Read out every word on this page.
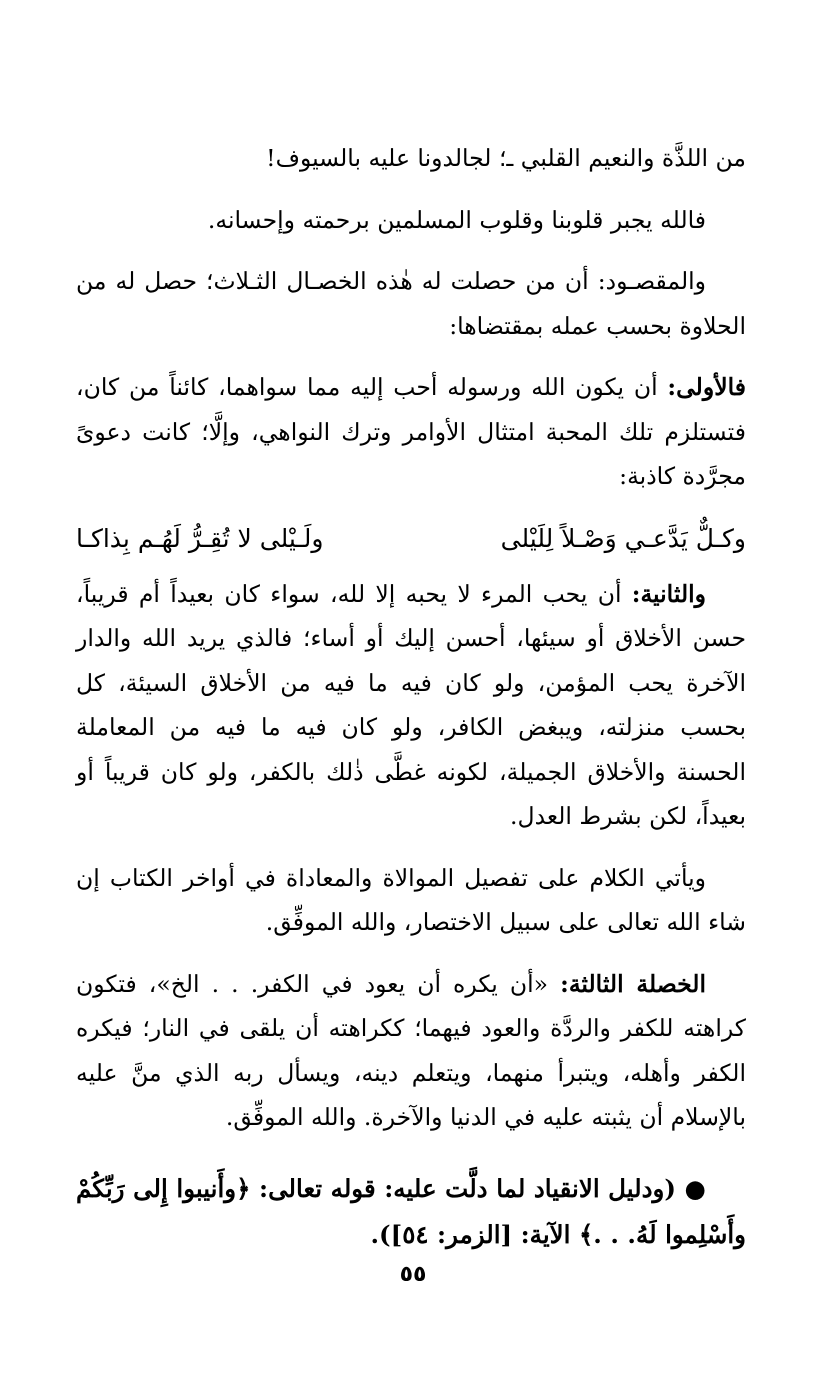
من اللذَّة والنعيم القلبي ـ؛ لجالدونا عليه بالسيوف!

فالله يجبر قلوبنا وقلوب المسلمين برحمته وإحسانه.

والمقصـود: أن من حصلت له هٰذه الخصـال الثـلاث؛ حصل له من الحلاوة بحسب عمله بمقتضاها:

فالأولى: أن يكون الله ورسوله أحب إليه مما سواهما، كائناً من كان، فتستلزم تلك المحبة امتثال الأوامر وترك النواهي، وإلَّا؛ كانت دعوىً مجرَّدة كاذبة:

وكـلٌّ يَدَّعـي وَصْـلاً لِلَيْلى
ولَـيْلى لا تُقِـرُّ لَهُـم بِذاكـا

والثانية: أن يحب المرء لا يحبه إلا لله، سواء كان بعيداً أم قريباً، حسن الأخلاق أو سيئها، أحسن إليك أو أساء؛ فالذي يريد الله والدار الآخرة يحب المؤمن، ولو كان فيه ما فيه من الأخلاق السيئة، كل بحسب منزلته، ويبغض الكافر، ولو كان فيه ما فيه من المعاملة الحسنة والأخلاق الجميلة، لكونه غطَّى ذٰلك بالكفر، ولو كان قريباً أو بعيداً، لكن بشرط العدل.

ويأتي الكلام على تفصيل الموالاة والمعاداة في أواخر الكتاب إن شاء الله تعالى على سبيل الاختصار، والله الموفِّق.

الخصلة الثالثة: «أن يكره أن يعود في الكفر. . . الخ»، فتكون كراهته للكفر والردَّة والعود فيهما؛ ككراهته أن يلقى في النار؛ فيكره الكفر وأهله، ويتبرأ منهما، ويتعلم دينه، ويسأل ربه الذي منَّ عليه بالإسلام أن يثبته عليه في الدنيا والآخرة. والله الموفِّق.

● (ودليل الانقياد لما دلَّت عليه: قوله تعالى: ﴿وأَنيبوا إِلى رَبِّكُمْ وأَسْلِموا لَهُ. . .﴾ الآية: [الزمر: ٥٤]).

٥٥
